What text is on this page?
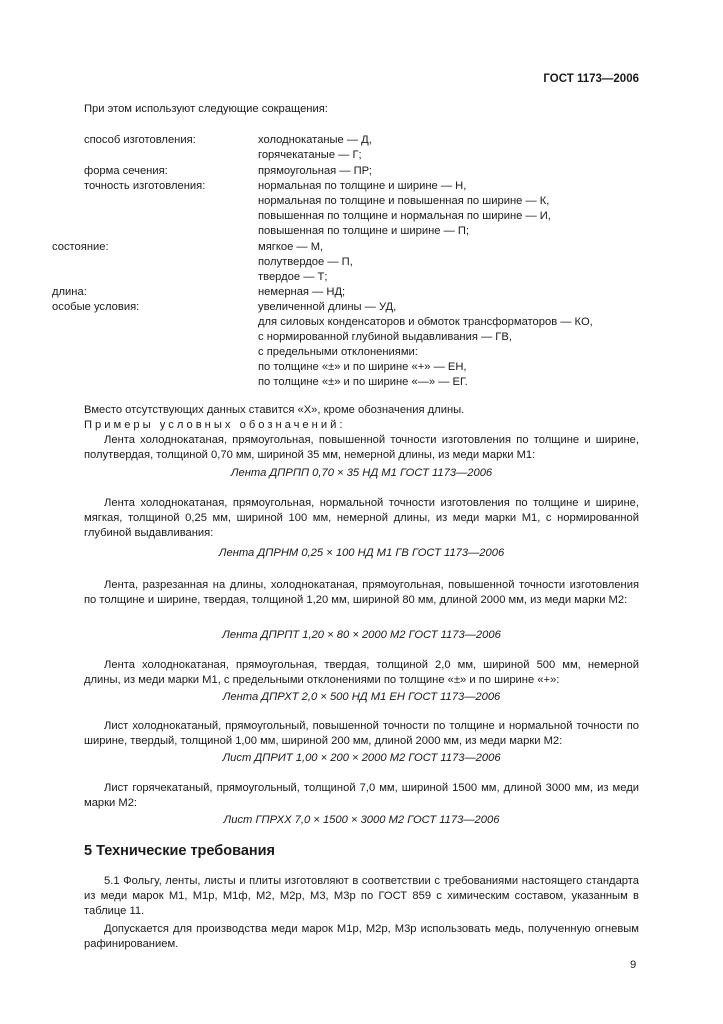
ГОСТ 1173—2006
При этом используют следующие сокращения:
способ изготовления:	холоднокатаные — Д,
горячекатаные — Г;
форма сечения:	прямоугольная — ПР;
точность изготовления:	нормальная по толщине и ширине — Н,
нормальная по толщине и повышенная по ширине — К,
повышенная по толщине и нормальная по ширине — И,
повышенная по толщине и ширине — П;
состояние:	мягкое — М,
полутвердое — П,
твердое — Т;
длина:	немерная — НД;
особые условия:	увеличенной длины — УД,
для силовых конденсаторов и обмоток трансформаторов — КО,
с нормированной глубиной выдавливания — ГВ,
с предельными отклонениями:
по толщине «±» и по ширине «+» — ЕН,
по толщине «±» и по ширине «—» — ЕГ.
Вместо отсутствующих данных ставится «Х», кроме обозначения длины.
Примеры условных обозначений:

Лента холоднокатаная, прямоугольная, повышенной точности изготовления по толщине и ширине, полутвердая, толщиной 0,70 мм, шириной 35 мм, немерной длины, из меди марки М1:

Лента ДПРПП 0,70 × 35 НД М1 ГОСТ 1173—2006

Лента холоднокатаная, прямоугольная, нормальной точности изготовления по толщине и ширине, мягкая, толщиной 0,25 мм, шириной 100 мм, немерной длины, из меди марки М1, с нормированной глубиной выдавливания:

Лента ДПРНМ 0,25 × 100 НД М1 ГВ ГОСТ 1173—2006

Лента, разрезанная на длины, холоднокатаная, прямоугольная, повышенной точности изготовления по толщине и ширине, твердая, толщиной 1,20 мм, шириной 80 мм, длиной 2000 мм, из меди марки М2:

Лента ДПРПТ 1,20 × 80 × 2000 М2 ГОСТ 1173—2006

Лента холоднокатаная, прямоугольная, твердая, толщиной 2,0 мм, шириной 500 мм, немерной длины, из меди марки М1, с предельными отклонениями по толщине «±» и по ширине «+»:

Лента ДПРХТ 2,0 × 500 НД М1 ЕН ГОСТ 1173—2006

Лист холоднокатаный, прямоугольный, повышенной точности по толщине и нормальной точности по ширине, твердый, толщиной 1,00 мм, шириной 200 мм, длиной 2000 мм, из меди марки М2:

Лист ДПРИТ 1,00 × 200 × 2000 М2 ГОСТ 1173—2006

Лист горячекатаный, прямоугольный, толщиной 7,0 мм, шириной 1500 мм, длиной 3000 мм, из меди марки М2:

5 Технические требования

5.1 Фольгу, ленты, листы и плиты изготовляют в соответствии с требованиями настоящего стандарта из меди марок М1, М1р, М1ф, М2, М2р, М3, М3р по ГОСТ 859 с химическим составом, указанным в таблице 11.

Допускается для производства меди марок М1р, М2р, М3р использовать медь, полученную огневым рафинированием.

9
Лист ГПРХХ 7,0 × 1500 × 3000 М2 ГОСТ 1173—2006
